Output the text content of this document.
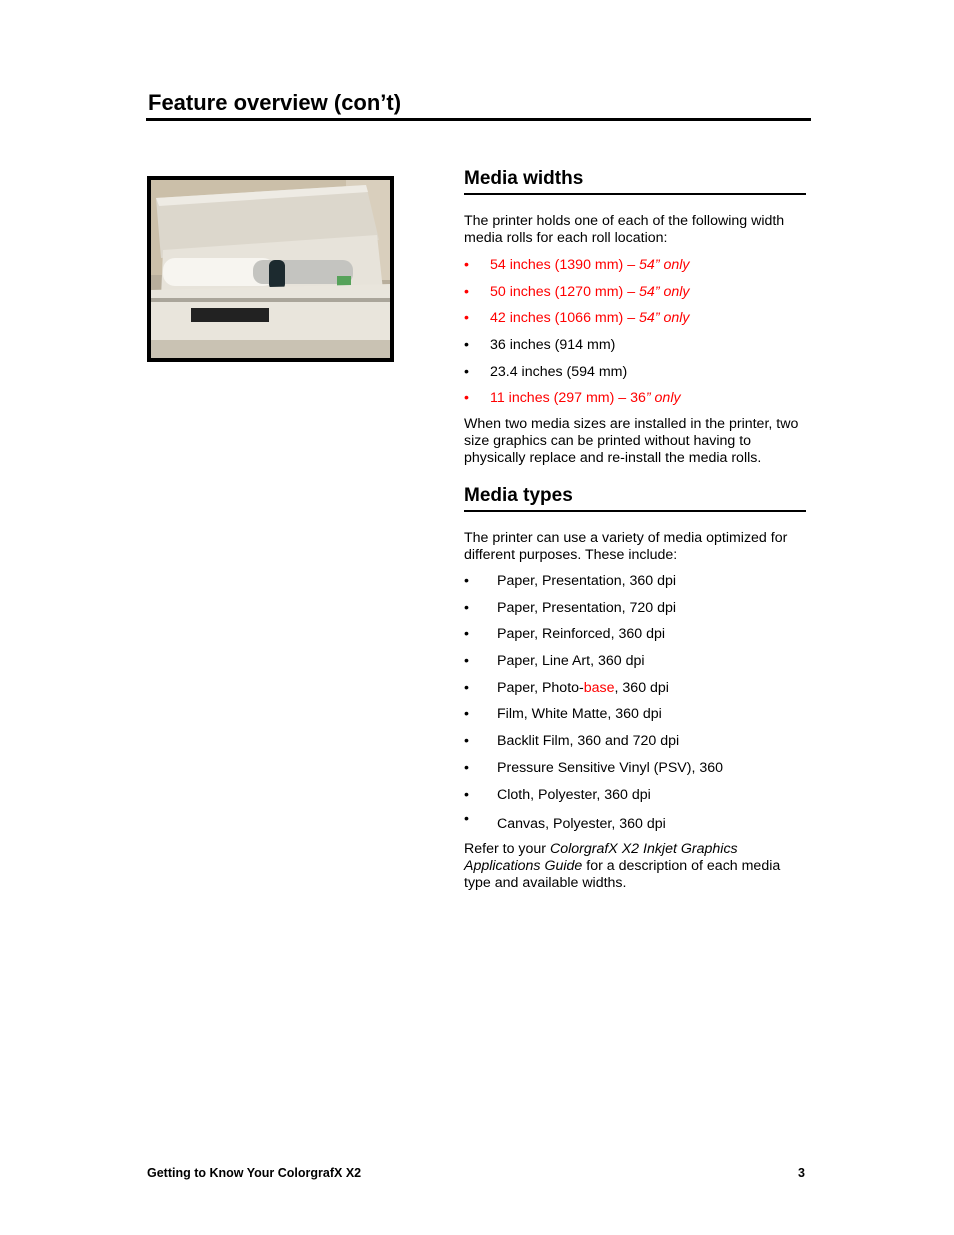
Feature overview (con’t)
Media widths

The printer holds one of each of the following width media rolls for each roll location:

• 54 inches (1390 mm) – 54” only
• 50 inches (1270 mm) – 54” only
• 42 inches (1066 mm) – 54” only
• 36 inches (914 mm)
• 23.4 inches (594 mm)
• 11 inches (297 mm) – 36” only

When two media sizes are installed in the printer, two size graphics can be printed without having to physically replace and re-install the media rolls.

Media types

The printer can use a variety of media optimized for different purposes. These include:

• Paper, Presentation, 360 dpi
• Paper, Presentation, 720 dpi
• Paper, Reinforced, 360 dpi
• Paper, Line Art, 360 dpi
• Paper, Photo-base, 360 dpi
• Film, White Matte, 360 dpi
• Backlit Film, 360 and 720 dpi
• Pressure Sensitive Vinyl (PSV), 360
• Cloth, Polyester, 360 dpi
• Canvas, Polyester, 360 dpi

Refer to your ColorgrafX X2 Inkjet Graphics Applications Guide for a description of each media type and available widths.

Getting to Know Your ColorgrafX X2	3
